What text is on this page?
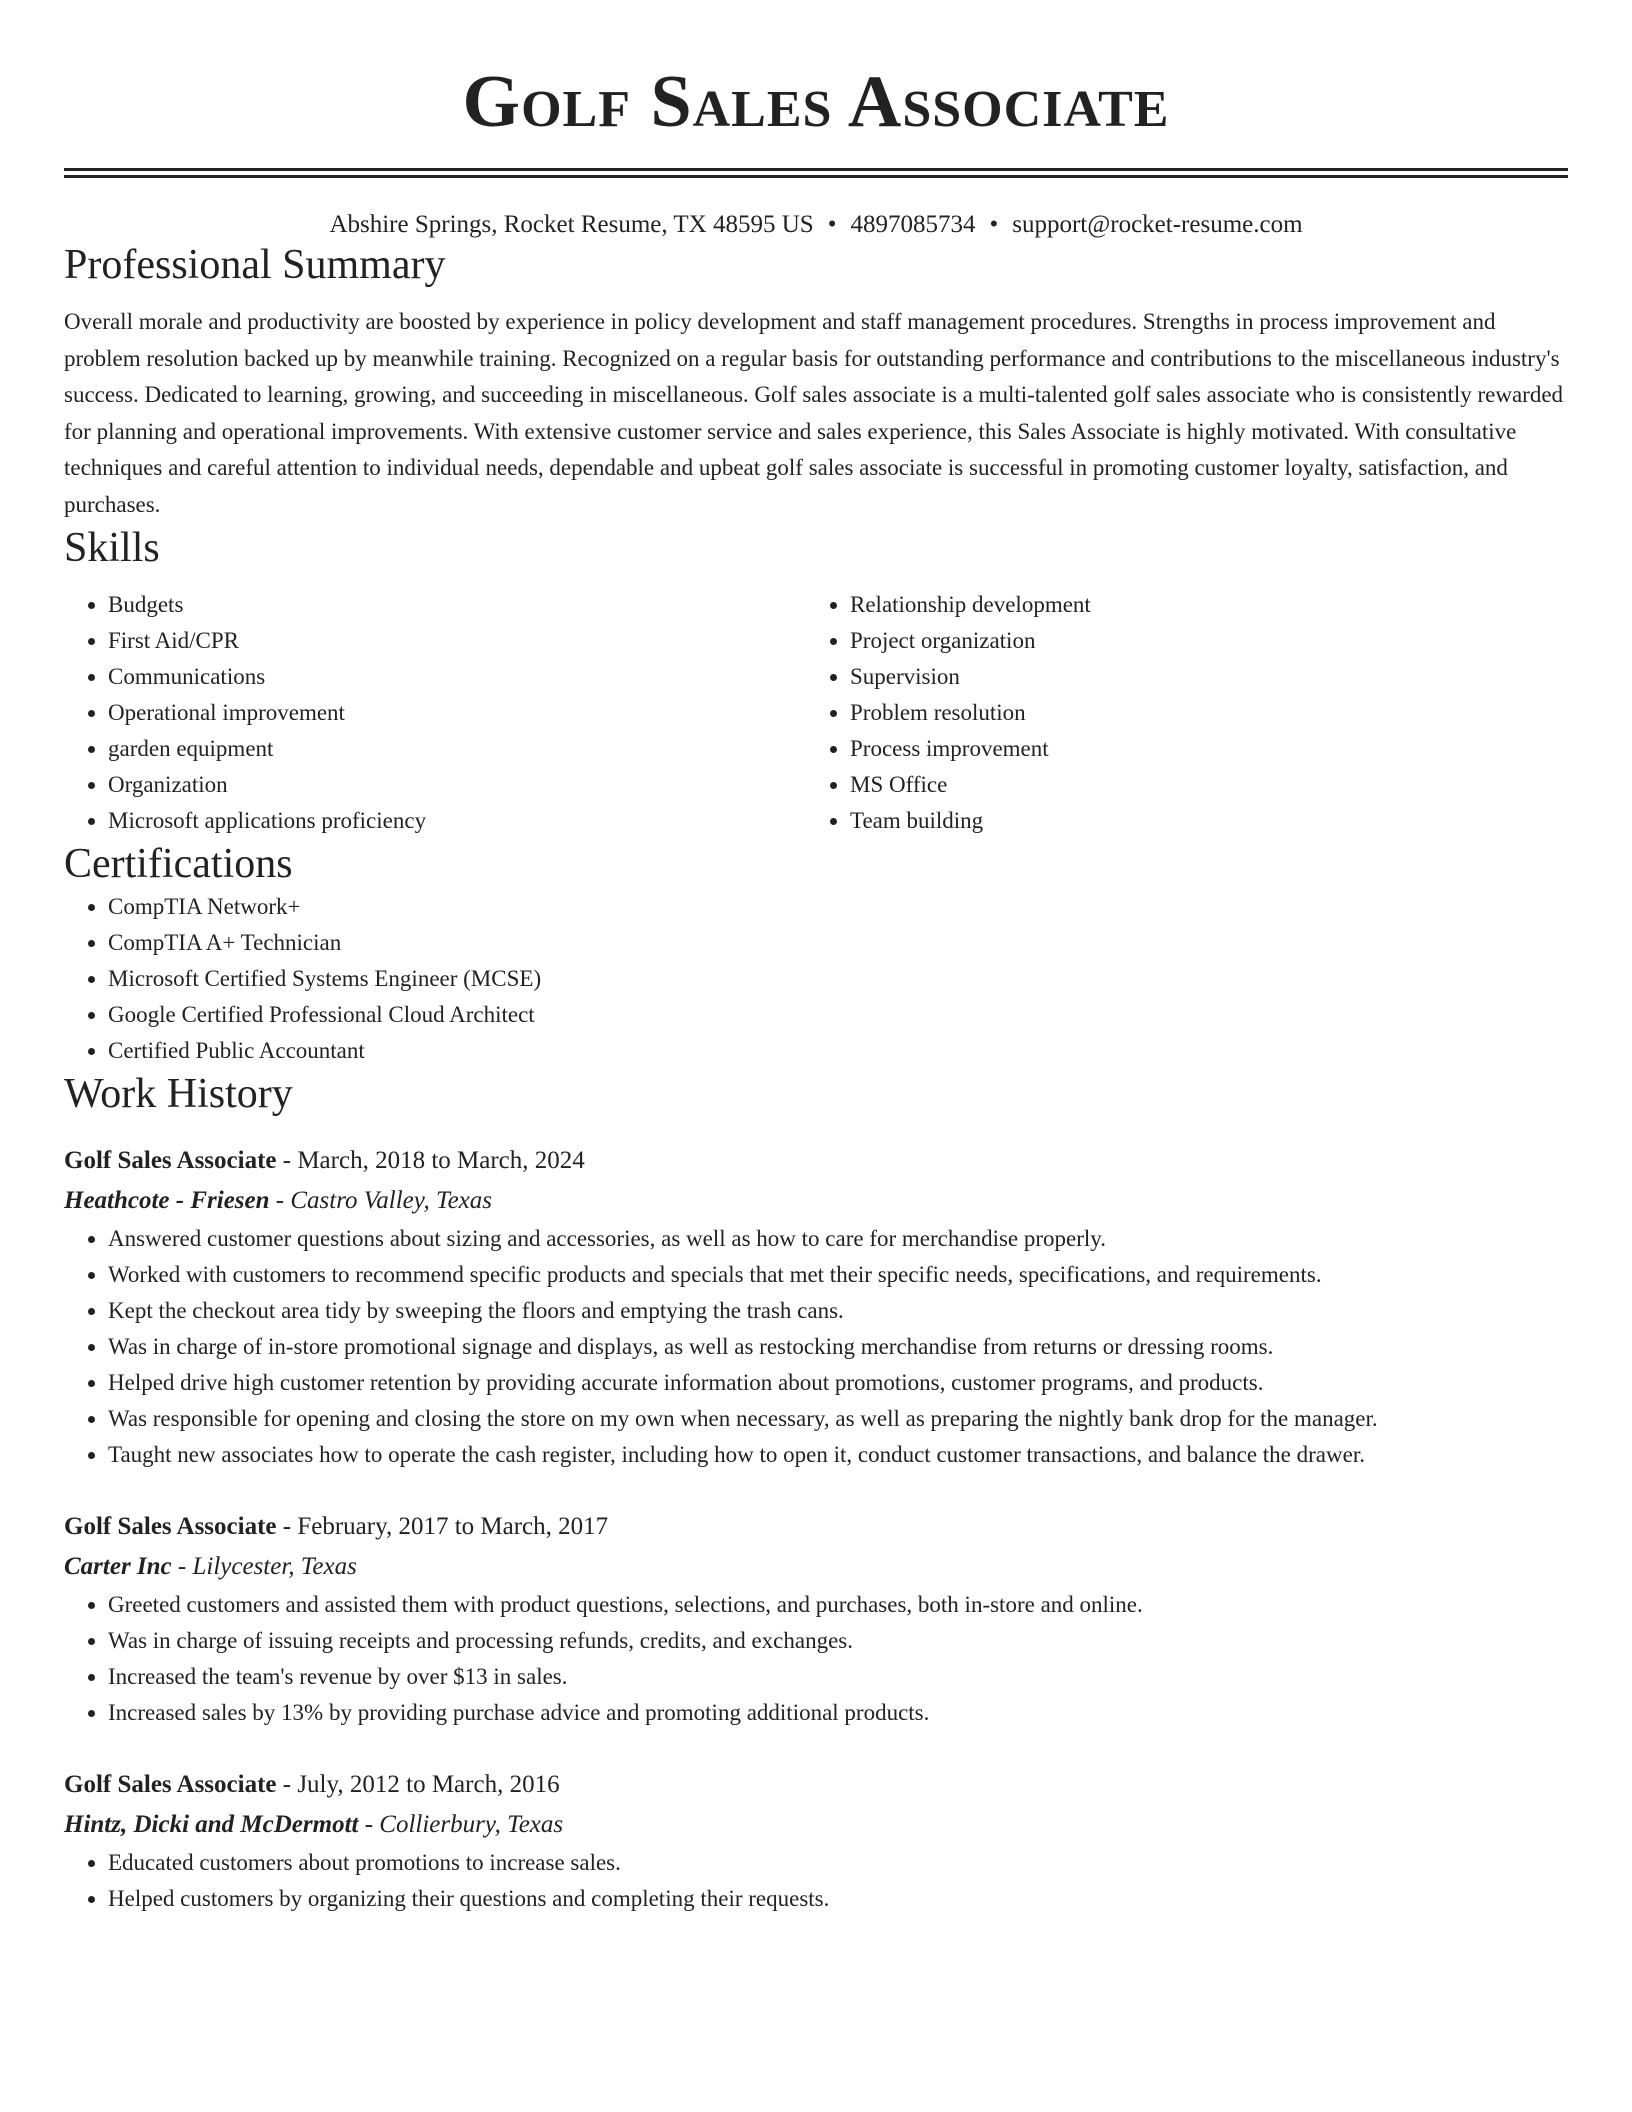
Golf Sales Associate
Abshire Springs, Rocket Resume, TX 48595 US • 4897085734 • support@rocket-resume.com
Professional Summary
Overall morale and productivity are boosted by experience in policy development and staff management procedures. Strengths in process improvement and problem resolution backed up by meanwhile training. Recognized on a regular basis for outstanding performance and contributions to the miscellaneous industry's success. Dedicated to learning, growing, and succeeding in miscellaneous. Golf sales associate is a multi-talented golf sales associate who is consistently rewarded for planning and operational improvements. With extensive customer service and sales experience, this Sales Associate is highly motivated. With consultative techniques and careful attention to individual needs, dependable and upbeat golf sales associate is successful in promoting customer loyalty, satisfaction, and purchases.
Skills
• Budgets
• First Aid/CPR
• Communications
• Operational improvement
• garden equipment
• Organization
• Microsoft applications proficiency
• Relationship development
• Project organization
• Supervision
• Problem resolution
• Process improvement
• MS Office
• Team building
Certifications
• CompTIA Network+
• CompTIA A+ Technician
• Microsoft Certified Systems Engineer (MCSE)
• Google Certified Professional Cloud Architect
• Certified Public Accountant
Work History
Golf Sales Associate - March, 2018 to March, 2024
Heathcote - Friesen - Castro Valley, Texas
• Answered customer questions about sizing and accessories, as well as how to care for merchandise properly.
• Worked with customers to recommend specific products and specials that met their specific needs, specifications, and requirements.
• Kept the checkout area tidy by sweeping the floors and emptying the trash cans.
• Was in charge of in-store promotional signage and displays, as well as restocking merchandise from returns or dressing rooms.
• Helped drive high customer retention by providing accurate information about promotions, customer programs, and products.
• Was responsible for opening and closing the store on my own when necessary, as well as preparing the nightly bank drop for the manager.
• Taught new associates how to operate the cash register, including how to open it, conduct customer transactions, and balance the drawer.
Golf Sales Associate - February, 2017 to March, 2017
Carter Inc - Lilycester, Texas
• Greeted customers and assisted them with product questions, selections, and purchases, both in-store and online.
• Was in charge of issuing receipts and processing refunds, credits, and exchanges.
• Increased the team's revenue by over $13 in sales.
• Increased sales by 13% by providing purchase advice and promoting additional products.
Golf Sales Associate - July, 2012 to March, 2016
Hintz, Dicki and McDermott - Collierbury, Texas
• Educated customers about promotions to increase sales.
• Helped customers by organizing their questions and completing their requests.
